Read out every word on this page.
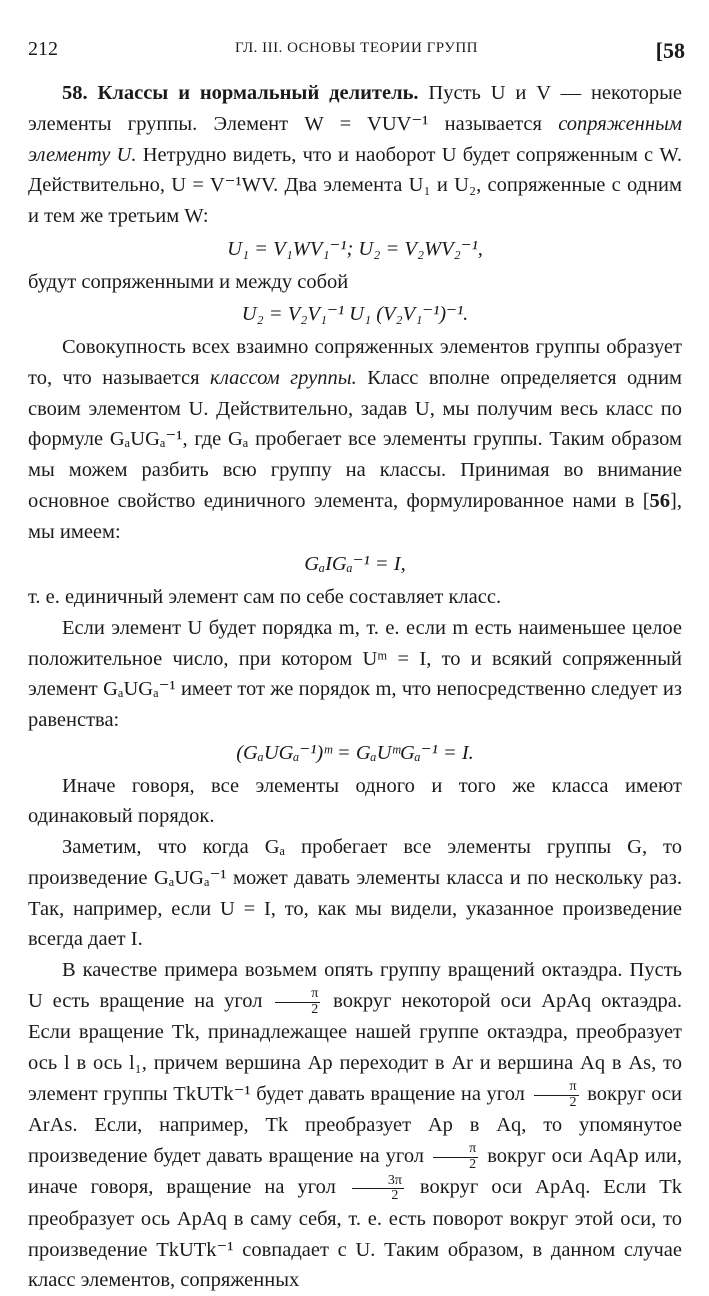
212	ГЛ. III. ОСНОВЫ ТЕОРИИ ГРУПП	[58

58. Классы и нормальный делитель. Пусть U и V — некоторые элементы группы. Элемент W = VUV⁻¹ называется сопряженным элементу U. Нетрудно видеть, что и наоборот U будет сопряженным с W. Действительно, U = V⁻¹WV. Два элемента U₁ и U₂, сопряженные с одним и тем же третьим W:

U₁ = V₁WV₁⁻¹; U₂ = V₂WV₂⁻¹,

будут сопряженными и между собой

U₂ = V₂V₁⁻¹ U₁ (V₂V₁⁻¹)⁻¹.

Совокупность всех взаимно сопряженных элементов группы образует то, что называется классом группы. Класс вполне определяется одним своим элементом U. Действительно, задав U, мы получим весь класс по формуле GₐUGₐ⁻¹, где Gₐ пробегает все элементы группы. Таким образом мы можем разбить всю группу на классы. Принимая во внимание основное свойство единичного элемента, формулированное нами в [56], мы имеем:

GₐIGₐ⁻¹ = I,

т. е. единичный элемент сам по себе составляет класс.

Если элемент U будет порядка m, т. е. если m есть наименьшее целое положительное число, при котором Uᵐ = I, то и всякий сопряженный элемент GₐUGₐ⁻¹ имеет тот же порядок m, что непосредственно следует из равенства:

(GₐUGₐ⁻¹)ᵐ = GₐUᵐGₐ⁻¹ = I.

Иначе говоря, все элементы одного и того же класса имеют одинаковый порядок.

Заметим, что когда Gₐ пробегает все элементы группы G, то произведение GₐUGₐ⁻¹ может давать элементы класса и по нескольку раз. Так, например, если U = I, то, как мы видели, указанное произведение всегда дает I.

В качестве примера возьмем опять группу вращений октаэдра. Пусть U есть вращение на угол $\frac{\pi}{2}$ вокруг некоторой оси ApAq октаэдра. Если вращение Tk, принадлежащее нашей группе октаэдра, преобразует ось l в ось l₁, причем вершина Ap переходит в Ar и вершина Aq в As, то элемент группы TkUTk⁻¹ будет давать вращение на угол $\frac{\pi}{2}$ вокруг оси ArAs. Если, например, Tk преобразует Ap в Aq, то упомянутое произведение будет давать вращение на угол $\frac{\pi}{2}$ вокруг оси AqAp или, иначе говоря, вращение на угол $\frac{3\pi}{2}$ вокруг оси ApAq. Если Tk преобразует ось ApAq в саму себя, т. е. есть поворот вокруг этой оси, то произведение TkUTk⁻¹ совпадает с U. Таким образом, в данном случае класс элементов, сопряженных
